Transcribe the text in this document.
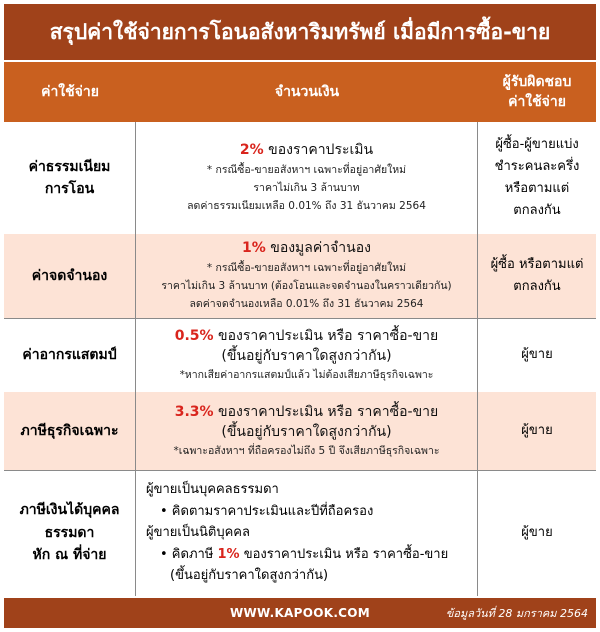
สรุปค่าใช้จ่ายการโอนอสังหาริมทรัพย์ เมื่อมีการซื้อ-ขาย
ค่าใช้จ่าย	จำนวนเงิน
ผู้รับผิดชอบ
ค่าใช้จ่าย
ค่าธรรมเนียม
การโอน
2% ของราคาประเมิน
* กรณีซื้อ-ขายอสังหาฯ เฉพาะที่อยู่อาศัยใหม่
ราคาไม่เกิน 3 ล้านบาท
ลดค่าธรรมเนียมเหลือ 0.01% ถึง 31 ธันวาคม 2564
ผู้ซื้อ-ผู้ขายแบ่ง
ชำระคนละครึ่ง
หรือตามแต่
ตกลงกัน
ค่าจดจำนอง
1% ของมูลค่าจำนอง
* กรณีซื้อ-ขายอสังหาฯ เฉพาะที่อยู่อาศัยใหม่
ราคาไม่เกิน 3 ล้านบาท (ต้องโอนและจดจำนองในคราวเดียวกัน)
ลดค่าจดจำนองเหลือ 0.01% ถึง 31 ธันวาคม 2564
ผู้ซื้อ หรือตามแต่
ตกลงกัน
ค่าอากรแสตมป์
0.5% ของราคาประเมิน หรือ ราคาซื้อ-ขาย
(ขึ้นอยู่กับราคาใดสูงกว่ากัน)
*หากเสียค่าอากรแสตมป์แล้ว ไม่ต้องเสียภาษีธุรกิจเฉพาะ
ผู้ขาย
ภาษีธุรกิจเฉพาะ
3.3% ของราคาประเมิน หรือ ราคาซื้อ-ขาย
(ขึ้นอยู่กับราคาใดสูงกว่ากัน)
*เฉพาะอสังหาฯ ที่ถือครองไม่ถึง 5 ปี จึงเสียภาษีธุรกิจเฉพาะ
ผู้ขาย
ภาษีเงินได้บุคคล
ธรรมดา
หัก ณ ที่จ่าย
ผู้ขายเป็นบุคคลธรรมดา
• คิดตามราคาประเมินและปีที่ถือครอง
ผู้ขายเป็นนิติบุคคล
• คิดภาษี 1% ของราคาประเมิน หรือ ราคาซื้อ-ขาย
(ขึ้นอยู่กับราคาใดสูงกว่ากัน)
ผู้ขาย
WWW.KAPOOK.COM	ข้อมูลวันที่ 28 มกราคม 2564
